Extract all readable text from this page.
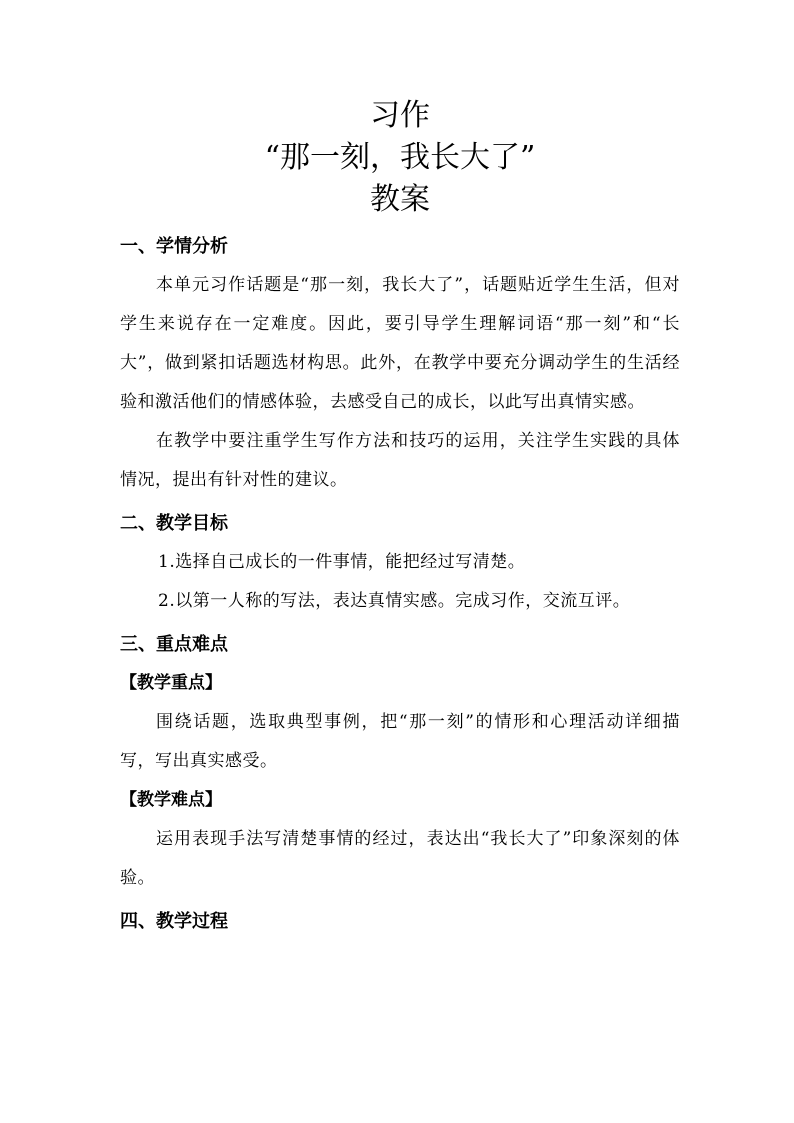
习作
“那一刻，我长大了”
教案
一、学情分析

本单元习作话题是“那一刻，我长大了”，话题贴近学生生活，但对学生来说存在一定难度。因此，要引导学生理解词语“那一刻”和“长大”，做到紧扣话题选材构思。此外，在教学中要充分调动学生的生活经验和激活他们的情感体验，去感受自己的成长，以此写出真情实感。

在教学中要注重学生写作方法和技巧的运用，关注学生实践的具体情况，提出有针对性的建议。

二、教学目标

1.选择自己成长的一件事情，能把经过写清楚。

2.以第一人称的写法，表达真情实感。完成习作，交流互评。

三、重点难点

【教学重点】

围绕话题，选取典型事例，把“那一刻”的情形和心理活动详细描写，写出真实感受。

【教学难点】

运用表现手法写清楚事情的经过，表达出“我长大了”印象深刻的体验。

四、教学过程
